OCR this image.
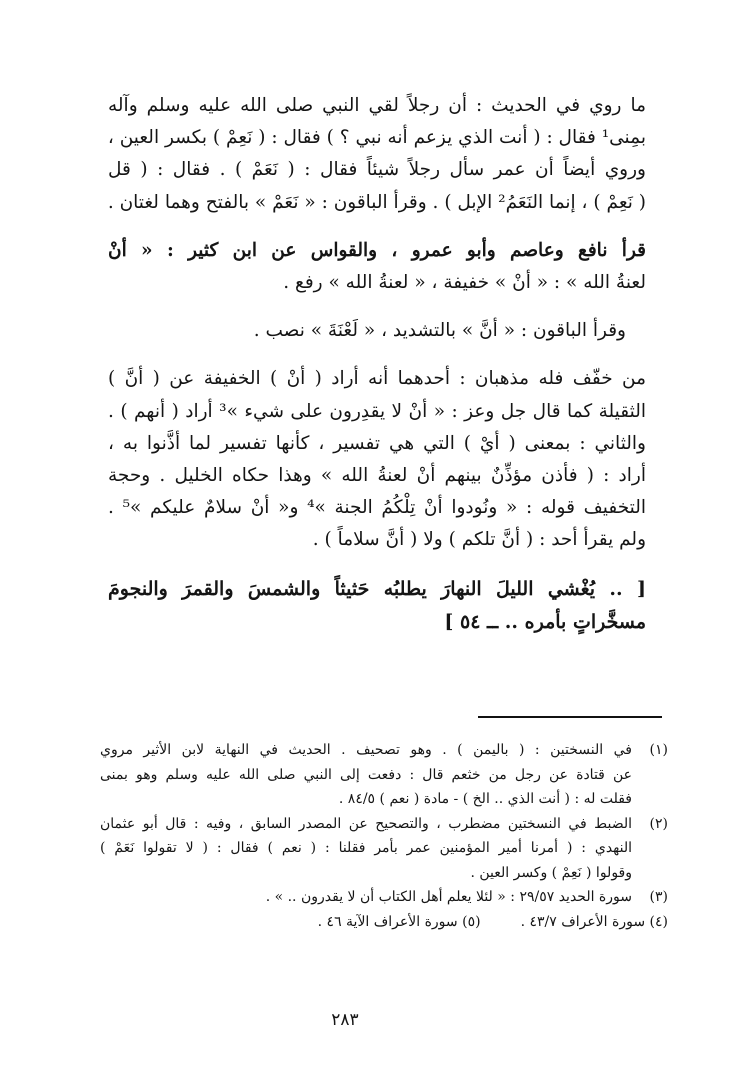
ما روي في الحديث : أن رجلاً لقي النبي صلى الله عليه وسلم وآله
بمِنى¹ فقال : ( أنت الذي يزعم أنه نبي ؟ ) فقال : ( نَعِمْ ) بكسر العين ،
وروي أيضاً أن عمر سأل رجلاً شيئاً فقال : ( نَعَمْ ) . فقال : ( قل
( نَعِمْ ) ، إنما النَعَمُ² الإبل ) . وقرأ الباقون : « نَعَمْ » بالفتح وهما لغتان .
قرأ نافع وعاصم وأبو عمرو ، والقواس عن ابن كثير : « أنْ
لعنةُ الله » : « أنْ » خفيفة ، « لعنةُ الله » رفع .
وقرأ الباقون : « أنَّ » بالتشديد ، « لَعْنَةَ » نصب .
من خفّف فله مذهبان : أحدهما أنه أراد ( أنْ ) الخفيفة عن ( أنَّ )
الثقيلة كما قال جل وعز : « أنْ لا يقدِرون على شيء »³ أراد ( أنهم ) .
والثاني : بمعنى ( أيْ ) التي هي تفسير ، كأنها تفسير لما أذَّنوا به ،
أراد : ( فأذن مؤذِّنٌ بينهم أنْ لعنةُ الله » وهذا حكاه الخليل . وحجة
التخفيف قوله : « ونُودوا أنْ تِلْكُمُ الجنة »⁴ و« أنْ سلامٌ عليكم »⁵ .
ولم يقرأ أحد : ( أنَّ تلكم ) ولا ( أنَّ سلاماً ) .
[ .. يُغْشي الليلَ النهارَ يطلبُه حَثيثاً والشمسَ والقمرَ والنجومَ
مسخَّراتٍ بأمره .. ــ ٥٤ ]
(١)
في النسختين : ( باليمن ) . وهو تصحيف . الحديث في النهاية لابن الأثير مروي
عن قتادة عن رجل من خثعم قال : دفعت إلى النبي صلى الله عليه وسلم وهو بمنى
فقلت له : ( أنت الذي .. الخ ) - مادة ( نعم ) ٨٤/٥ .
(٢)
الضبط في النسختين مضطرب ، والتصحيح عن المصدر السابق ، وفيه : قال أبو عثمان
النهدي : ( أمرنا أمير المؤمنين عمر بأمر فقلنا : ( نعم ) فقال : ( لا تقولوا نَعَمْ )
وقولوا ( نَعِمْ ) وكسر العين .
(٣)
سورة الحديد ٢٩/٥٧ : « لئلا يعلم أهل الكتاب أن لا يقدرون .. » .
(٤) سورة الأعراف ٤٣/٧ .
(٥) سورة الأعراف الآية ٤٦ .
٢٨٣
